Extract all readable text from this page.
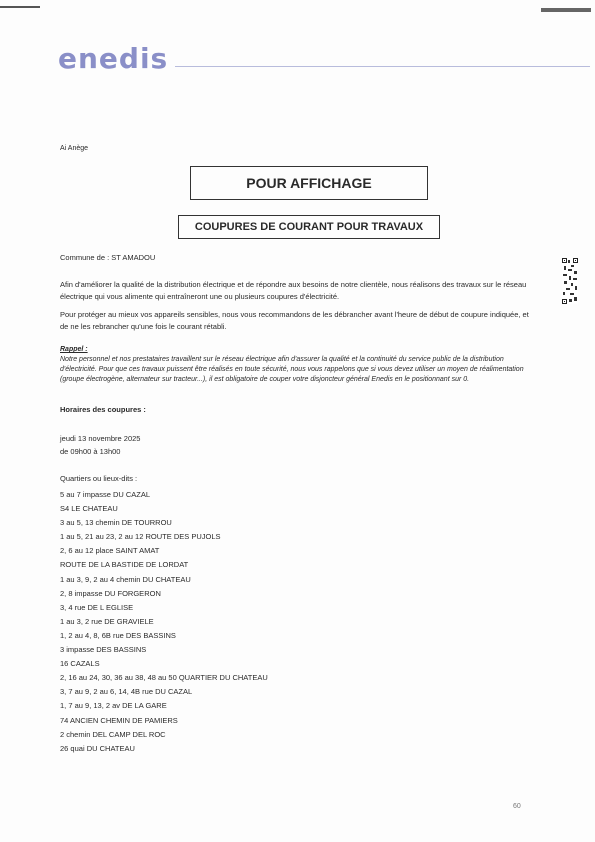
enedis
Ai Anège
POUR AFFICHAGE
COUPURES DE COURANT POUR TRAVAUX
Commune de : ST AMADOU
Afin d'améliorer la qualité de la distribution électrique et de répondre aux besoins de notre clientèle, nous réalisons des travaux sur le réseau électrique qui vous alimente qui entraîneront une ou plusieurs coupures d'électricité.
Pour protéger au mieux vos appareils sensibles, nous vous recommandons de les débrancher avant l'heure de début de coupure indiquée, et de ne les rebrancher qu'une fois le courant rétabli.
Rappel :
Notre personnel et nos prestataires travaillent sur le réseau électrique afin d'assurer la qualité et la continuité du service public de la distribution d'électricité. Pour que ces travaux puissent être réalisés en toute sécurité, nous vous rappelons que si vous devez utiliser un moyen de réalimentation (groupe électrogène, alternateur sur tracteur...), il est obligatoire de couper votre disjoncteur général Enedis en le positionnant sur 0.
Horaires des coupures :
jeudi 13 novembre 2025
de 09h00 à 13h00
Quartiers ou lieux-dits :
5 au 7 impasse DU CAZAL
S4 LE CHATEAU
3 au 5, 13 chemin DE TOURROU
1 au 5, 21 au 23, 2 au 12 ROUTE DES PUJOLS
2, 6 au 12 place SAINT AMAT
ROUTE DE LA BASTIDE DE LORDAT
1 au 3, 9, 2 au 4 chemin DU CHATEAU
2, 8 impasse DU FORGERON
3, 4 rue DE L EGLISE
1 au 3, 2 rue DE GRAVIELE
1, 2 au 4, 8, 6B rue DES BASSINS
3 impasse DES BASSINS
16 CAZALS
2, 16 au 24, 30, 36 au 38, 48 au 50 QUARTIER DU CHATEAU
3, 7 au 9, 2 au 6, 14, 4B rue DU CAZAL
1, 7 au 9, 13, 2 av DE LA GARE
74 ANCIEN CHEMIN DE PAMIERS
2 chemin DEL CAMP DEL ROC
26 quai DU CHATEAU
60
